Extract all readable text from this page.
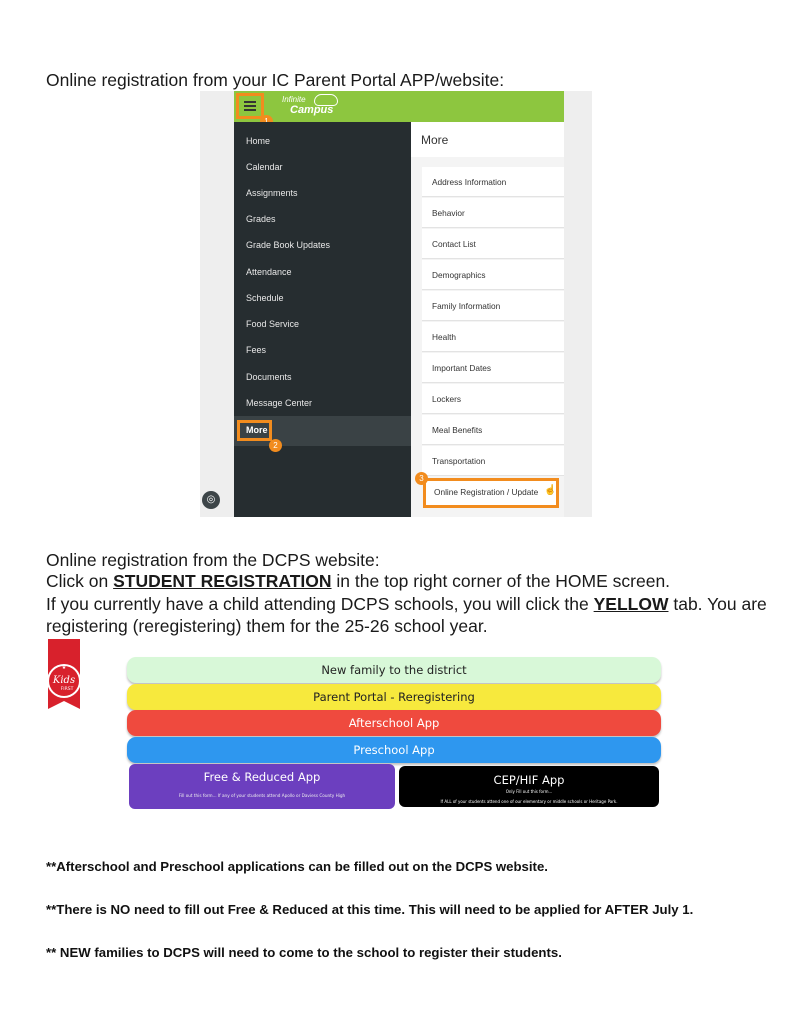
Online registration from your IC Parent Portal APP/website:
Infinite
Campus
Home
Calendar
Assignments
Grades
Grade Book Updates
Attendance
Schedule
Food Service
Fees
Documents
Message Center
More
2
More
Address Information
Behavior
Contact List
Demographics
Family Information
Health
Important Dates
Lockers
Meal Benefits
Transportation
Online Registration / Update ☝
3
◎
Online registration from the DCPS website:
Click on STUDENT REGISTRATION in the top right corner of the HOME screen.
If you currently have a child attending DCPS schools, you will click the YELLOW tab. You are
registering (reregistering) them for the 25-26 school year.
Kids
FIRST
★	New family to the district
Parent Portal - Reregistering
Afterschool App
Preschool App
Free & Reduced App
Fill out this form... If any of your students attend Apollo or Daviess County High
CEP/HIF App
Only Fill out this form...
If ALL of your students attend one of our elementary or middle schools or Heritage Park.
**Afterschool and Preschool applications can be filled out on the DCPS website.
**There is NO need to fill out Free & Reduced at this time. This will need to be applied for AFTER July 1.
** NEW families to DCPS will need to come to the school to register their students.
